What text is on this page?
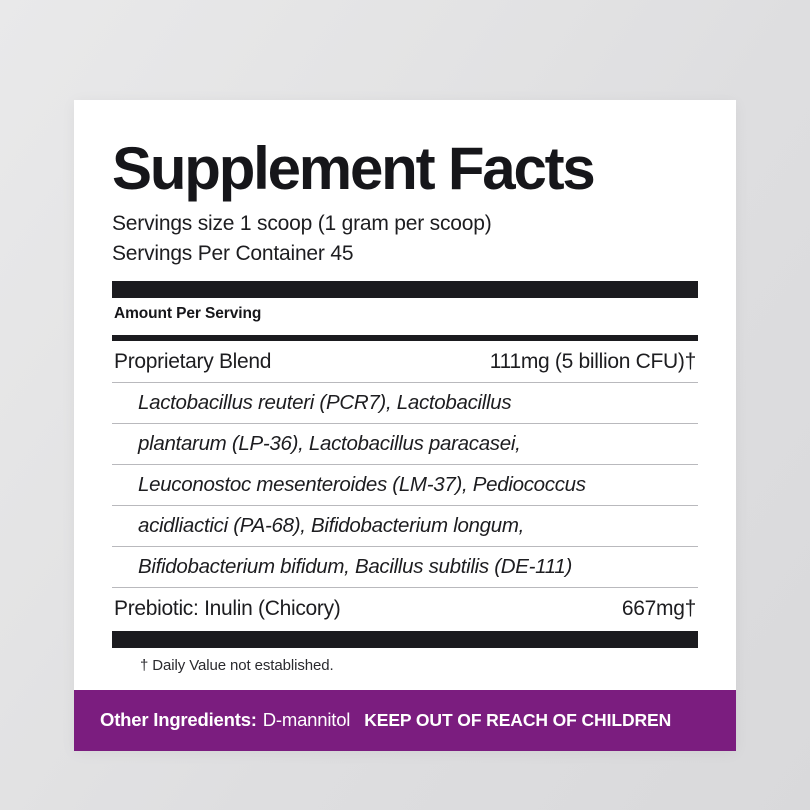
Supplement Facts
Servings size 1 scoop (1 gram per scoop)
Servings Per Container 45
Amount Per Serving
Proprietary Blend	111mg (5 billion CFU)†
Lactobacillus reuteri (PCR7), Lactobacillus
plantarum (LP-36), Lactobacillus paracasei,
Leuconostoc mesenteroides (LM-37), Pediococcus
acidliactici (PA-68), Bifidobacterium longum,
Bifidobacterium bifidum, Bacillus subtilis (DE-111)
Prebiotic: Inulin (Chicory)	667mg†
† Daily Value not established.
Other Ingredients: D-mannitol KEEP OUT OF REACH OF CHILDREN
